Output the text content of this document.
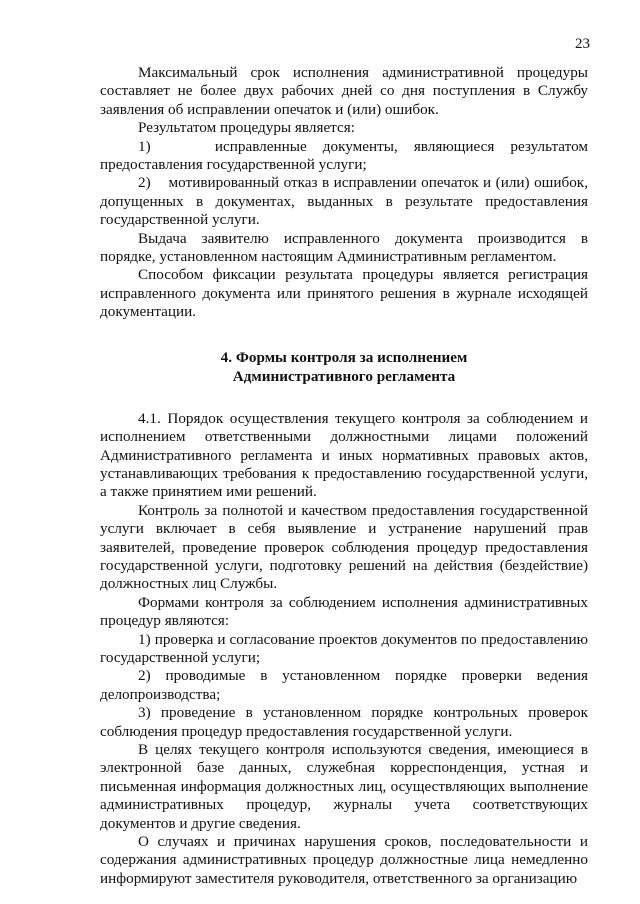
23

Максимальный срок исполнения административной процедуры составляет не более двух рабочих дней со дня поступления в Службу заявления об исправлении опечаток и (или) ошибок.

Результатом процедуры является:

1)    исправленные документы, являющиеся результатом предоставления государственной услуги;

2)    мотивированный отказ в исправлении опечаток и (или) ошибок, допущенных в документах, выданных в результате предоставления государственной услуги.

Выдача заявителю исправленного документа производится в порядке, установленном настоящим Административным регламентом.

Способом фиксации результата процедуры является регистрация исправленного документа или принятого решения в журнале исходящей документации.

4. Формы контроля за исполнением
Административного регламента

4.1. Порядок осуществления текущего контроля за соблюдением и исполнением ответственными должностными лицами положений Административного регламента и иных нормативных правовых актов, устанавливающих требования к предоставлению государственной услуги, а также принятием ими решений.

Контроль за полнотой и качеством предоставления государственной услуги включает в себя выявление и устранение нарушений прав заявителей, проведение проверок соблюдения процедур предоставления государственной услуги, подготовку решений на действия (бездействие) должностных лиц Службы.

Формами контроля за соблюдением исполнения административных процедур являются:

1) проверка и согласование проектов документов по предоставлению государственной услуги;

2) проводимые в установленном порядке проверки ведения делопроизводства;

3) проведение в установленном порядке контрольных проверок соблюдения процедур предоставления государственной услуги.

В целях текущего контроля используются сведения, имеющиеся в электронной базе данных, служебная корреспонденция, устная и письменная информация должностных лиц, осуществляющих выполнение административных процедур, журналы учета соответствующих документов и другие сведения.

О случаях и причинах нарушения сроков, последовательности и содержания административных процедур должностные лица немедленно информируют заместителя руководителя, ответственного за организацию
